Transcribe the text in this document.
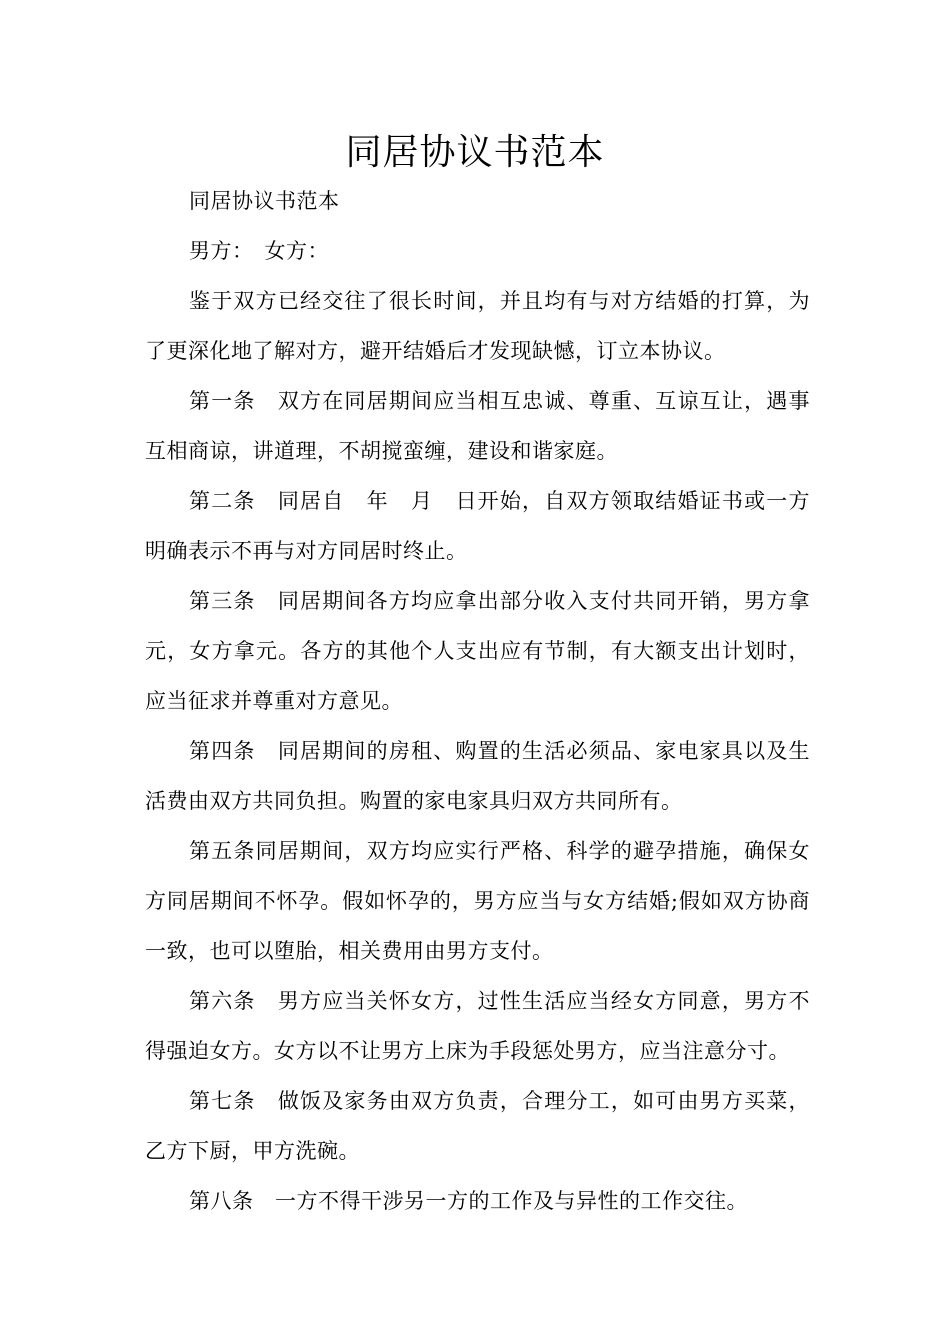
同居协议书范本

同居协议书范本

男方：　女方：

鉴于双方已经交往了很长时间，并且均有与对方结婚的打算，为了更深化地了解对方，避开结婚后才发现缺憾，订立本协议。

第一条　双方在同居期间应当相互忠诚、尊重、互谅互让，遇事互相商谅，讲道理，不胡搅蛮缠，建设和谐家庭。

第二条　同居自　年　月　日开始，自双方领取结婚证书或一方明确表示不再与对方同居时终止。

第三条　同居期间各方均应拿出部分收入支付共同开销，男方拿元，女方拿元。各方的其他个人支出应有节制，有大额支出计划时，应当征求并尊重对方意见。

第四条　同居期间的房租、购置的生活必须品、家电家具以及生活费由双方共同负担。购置的家电家具归双方共同所有。

第五条同居期间，双方均应实行严格、科学的避孕措施，确保女方同居期间不怀孕。假如怀孕的，男方应当与女方结婚;假如双方协商一致，也可以堕胎，相关费用由男方支付。

第六条　男方应当关怀女方，过性生活应当经女方同意，男方不得强迫女方。女方以不让男方上床为手段惩处男方，应当注意分寸。

第七条　做饭及家务由双方负责，合理分工，如可由男方买菜，乙方下厨，甲方洗碗。

第八条　一方不得干涉另一方的工作及与异性的工作交往。
